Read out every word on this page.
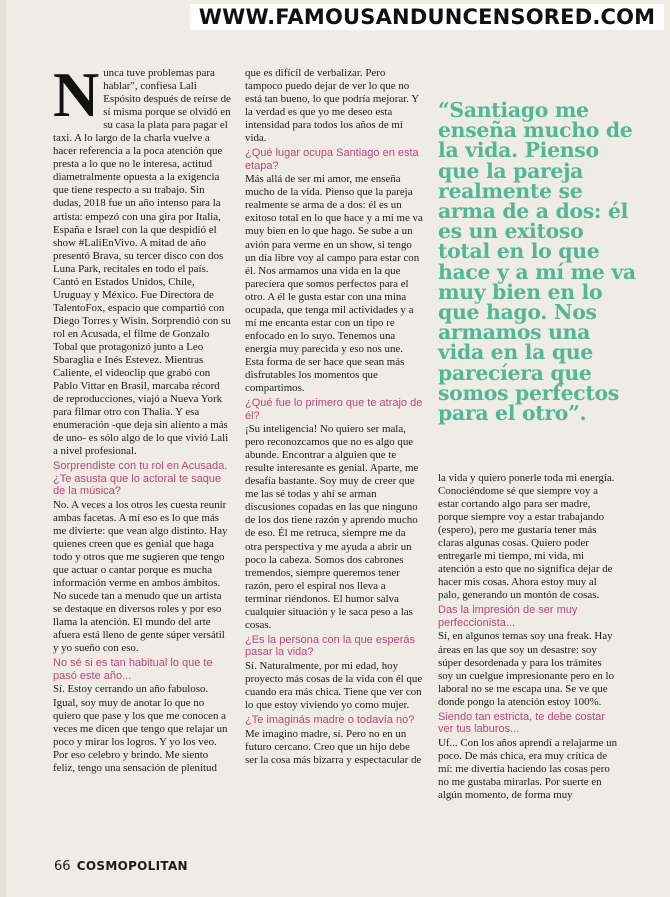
WWW.FAMOUSANDUNCENSORED.COM
N unca tuve problemas para hablar", confiesa Lali Espósito después de reírse de sí misma porque se olvidó en su casa la plata para pagar el taxi. A lo largo de la charla vuelve a hacer referencia a la poca atención que presta a lo que no le interesa, actitud diametralmente opuesta a la exigencia que tiene respecto a su trabajo. Sin dudas, 2018 fue un año intenso para la artista: empezó con una gira por Italia, España e Israel con la que despidió el show #LaliEnVivo. A mitad de año presentó Brava, su tercer disco con dos Luna Park, recitales en todo el país. Cantó en Estados Unidos, Chile, Uruguay y México. Fue Directora de TalentoFox, espacio que compartió con Diego Torres y Wisin. Sorprendió con su rol en Acusada, el filme de Gonzalo Tobal que protagonizó junto a Leo Sbaraglia e Inés Estevez. Mientras Caliente, el videoclip que grabó con Pablo Vittar en Brasil, marcaba récord de reproducciones, viajó a Nueva York para filmar otro con Thalia. Y esa enumeración -que deja sin aliento a más de uno- es sólo algo de lo que vivió Lali a nivel profesional.

Sorprendiste con tu rol en Acusada. ¿Te asusta que lo actoral te saque de la música?

No. A veces a los otros les cuesta reunir ambas facetas. A mí eso es lo que más me divierte: que vean algo distinto. Hay quienes creen que es genial que haga todo y otros que me sugieren que tengo que actuar o cantar porque es mucha información verme en ambos ámbitos. No sucede tan a menudo que un artista se destaque en diversos roles y por eso llama la atención. El mundo del arte afuera está lleno de gente súper versátil y yo sueño con eso.

No sé si es tan habitual lo que te pasó este año...

Sí. Estoy cerrando un año fabuloso. Igual, soy muy de anotar lo que no quiero que pase y los que me conocen a veces me dicen que tengo que relajar un poco y mirar los logros. Y yo los veo. Por eso celebro y brindo. Me siento feliz, tengo una sensación de plenitud

que es difícil de verbalizar. Pero tampoco puedo dejar de ver lo que no está tan bueno, lo que podría mejorar. Y la verdad es que yo me deseo esta intensidad para todos los años de mi vida.

¿Qué lugar ocupa Santiago en esta etapa?

Más allá de ser mi amor, me enseña mucho de la vida. Pienso que la pareja realmente se arma de a dos: él es un exitoso total en lo que hace y a mí me va muy bien en lo que hago. Se sube a un avión para verme en un show, si tengo un día libre voy al campo para estar con él. Nos armamos una vida en la que parecíera que somos perfectos para el otro. A él le gusta estar con una mina ocupada, que tenga mil actividades y a mí me encanta estar con un tipo re enfocado en lo suyo. Tenemos una energía muy parecida y eso nos une. Esta forma de ser hace que sean más disfrutables los momentos que compartimos.

¿Qué fue lo primero que te atrajo de él?

¡Su inteligencia! No quiero ser mala, pero reconozcamos que no es algo que abunde. Encontrar a alguien que te resulte interesante es genial. Aparte, me desafía bastante. Soy muy de creer que me las sé todas y ahí se arman discusiones copadas en las que ninguno de los dos tiene razón y aprendo mucho de eso. Él me retruca, siempre me da otra perspectiva y me ayuda a abrir un poco la cabeza. Somos dos cabrones tremendos, siempre queremos tener razón, pero el espiral nos lleva a terminar riéndonos. El humor salva cualquier situación y le saca peso a las cosas.

¿Es la persona con la que esperás pasar la vida?

Sí. Naturalmente, por mi edad, hoy proyecto más cosas de la vida con él que cuando era más chica. Tiene que ver con lo que estoy viviendo yo como mujer.

¿Te imaginás madre o todavía no?

Me imagino madre, sí. Pero no en un futuro cercano. Creo que un hijo debe ser la cosa más bizarra y espectacular de

“Santiago me enseña mucho de la vida. Pienso que la pareja realmente se arma de a dos: él es un exitoso total en lo que hace y a mí me va muy bien en lo que hago. Nos armamos una vida en la que parecíera que somos perfectos para el otro”.

la vida y quiero ponerle toda mi energía. Conociéndome sé que siempre voy a estar cortando algo para ser madre, porque siempre voy a estar trabajando (espero), pero me gustaría tener más claras algunas cosas. Quiero poder entregarle mi tiempo, mi vida, mi atención a esto que no significa dejar de hacer mis cosas. Ahora estoy muy al palo, generando un montón de cosas.

Das la impresión de ser muy perfeccionista...

Sí, en algunos temas soy una freak. Hay áreas en las que soy un desastre: soy súper desordenada y para los trámites soy un cuelgue impresionante pero en lo laboral no se me escapa una. Se ve que donde pongo la atención estoy 100%.

Siendo tan estricta, te debe costar ver tus laburos...

Uf... Con los años aprendí a relajarme un poco. De más chica, era muy crítica de mí: me divertía haciendo las cosas pero no me gustaba mirarlas. Por suerte en algún momento, de forma muy

66 COSMOPOLITAN
